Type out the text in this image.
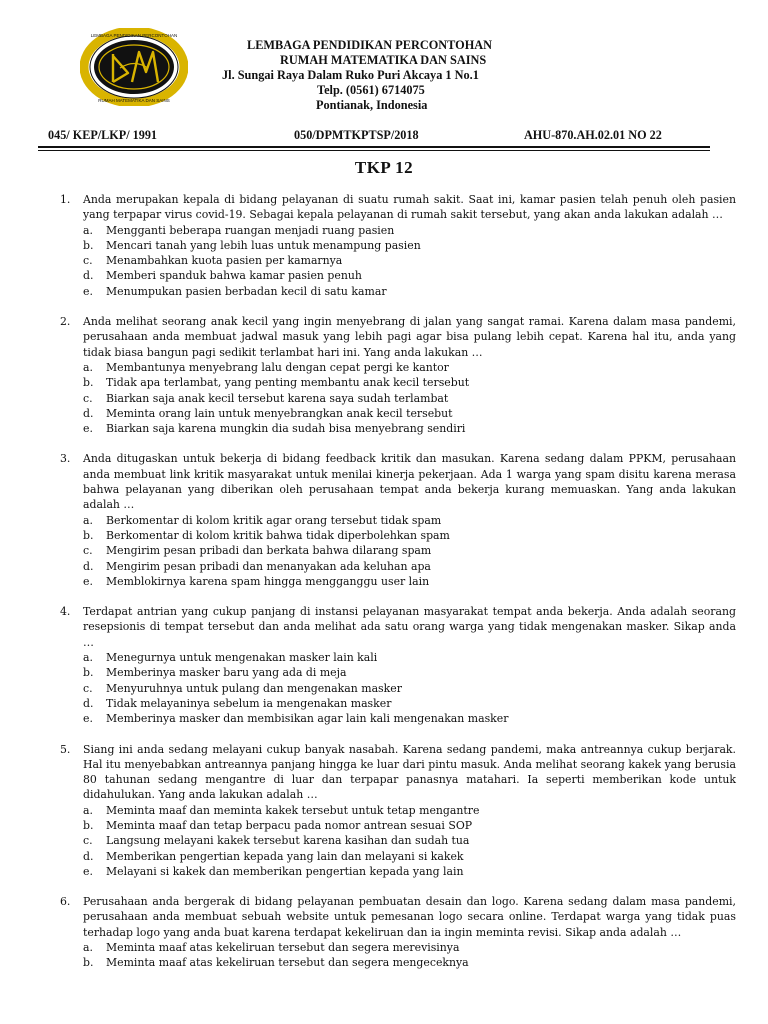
LEMBAGA PENDIDIKAN PERCONTOHAN
RUMAH MATEMATIKA DAN SAINS
LEMBAGA PENDIDIKAN PERCONTOHAN
RUMAH MATEMATIKA DAN SAINS
Jl. Sungai Raya Dalam Ruko Puri Akcaya 1 No.1
Telp. (0561) 6714075
Pontianak, Indonesia
045/ KEP/LKP/ 1991	050/DPMTKPTSP/2018	AHU-870.AH.02.01 NO 22
TKP 12
1. Anda merupakan kepala di bidang pelayanan di suatu rumah sakit. Saat ini, kamar pasien telah penuh oleh pasien yang terpapar virus covid-19. Sebagai kepala pelayanan di rumah sakit tersebut, yang akan anda lakukan adalah …
a. Mengganti beberapa ruangan menjadi ruang pasien
b. Mencari tanah yang lebih luas untuk menampung pasien
c. Menambahkan kuota pasien per kamarnya
d. Memberi spanduk bahwa kamar pasien penuh
e. Menumpukan pasien berbadan kecil di satu kamar
2. Anda melihat seorang anak kecil yang ingin menyebrang di jalan yang sangat ramai. Karena dalam masa pandemi, perusahaan anda membuat jadwal masuk yang lebih pagi agar bisa pulang lebih cepat. Karena hal itu, anda yang tidak biasa bangun pagi sedikit terlambat hari ini. Yang anda lakukan …
a. Membantunya menyebrang lalu dengan cepat pergi ke kantor
b. Tidak apa terlambat, yang penting membantu anak kecil tersebut
c. Biarkan saja anak kecil tersebut karena saya sudah terlambat
d. Meminta orang lain untuk menyebrangkan anak kecil tersebut
e. Biarkan saja karena mungkin dia sudah bisa menyebrang sendiri
3. Anda ditugaskan untuk bekerja di bidang feedback kritik dan masukan. Karena sedang dalam PPKM, perusahaan anda membuat link kritik masyarakat untuk menilai kinerja pekerjaan. Ada 1 warga yang spam disitu karena merasa bahwa pelayanan yang diberikan oleh perusahaan tempat anda bekerja kurang memuaskan. Yang anda lakukan adalah …
a. Berkomentar di kolom kritik agar orang tersebut tidak spam
b. Berkomentar di kolom kritik bahwa tidak diperbolehkan spam
c. Mengirim pesan pribadi dan berkata bahwa dilarang spam
d. Mengirim pesan pribadi dan menanyakan ada keluhan apa
e. Memblokirnya karena spam hingga mengganggu user lain
4. Terdapat antrian yang cukup panjang di instansi pelayanan masyarakat tempat anda bekerja. Anda adalah seorang resepsionis di tempat tersebut dan anda melihat ada satu orang warga yang tidak mengenakan masker. Sikap anda …
a. Menegurnya untuk mengenakan masker lain kali
b. Memberinya masker baru yang ada di meja
c. Menyuruhnya untuk pulang dan mengenakan masker
d. Tidak melayaninya sebelum ia mengenakan masker
e. Memberinya masker dan membisikan agar lain kali mengenakan masker
5. Siang ini anda sedang melayani cukup banyak nasabah. Karena sedang pandemi, maka antreannya cukup berjarak. Hal itu menyebabkan antreannya panjang hingga ke luar dari pintu masuk. Anda melihat seorang kakek yang berusia 80 tahunan sedang mengantre di luar dan terpapar panasnya matahari. Ia seperti memberikan kode untuk didahulukan. Yang anda lakukan adalah …
a. Meminta maaf dan meminta kakek tersebut untuk tetap mengantre
b. Meminta maaf dan tetap berpacu pada nomor antrean sesuai SOP
c. Langsung melayani kakek tersebut karena kasihan dan sudah tua
d. Memberikan pengertian kepada yang lain dan melayani si kakek
e. Melayani si kakek dan memberikan pengertian kepada yang lain
6. Perusahaan anda bergerak di bidang pelayanan pembuatan desain dan logo. Karena sedang dalam masa pandemi, perusahaan anda membuat sebuah website untuk pemesanan logo secara online. Terdapat warga yang tidak puas terhadap logo yang anda buat karena terdapat kekeliruan dan ia ingin meminta revisi. Sikap anda adalah …
a. Meminta maaf atas kekeliruan tersebut dan segera merevisinya
b. Meminta maaf atas kekeliruan tersebut dan segera mengeceknya
